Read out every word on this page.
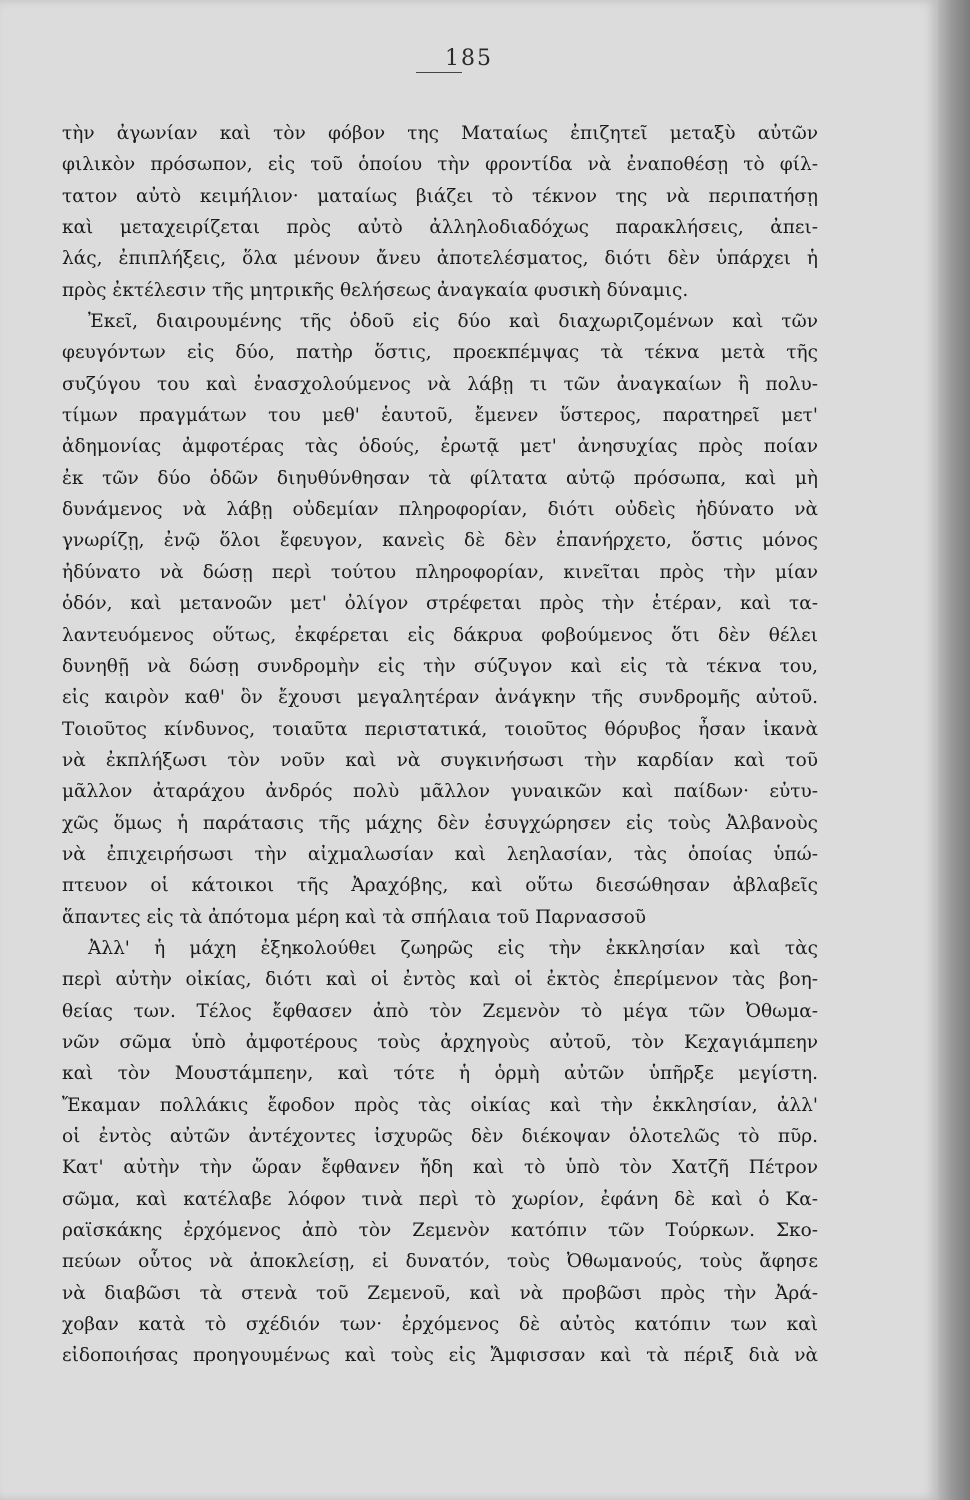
185
τὴν ἀγωνίαν καὶ τὸν φόβον της Ματαίως ἐπιζητεῖ μεταξὺ αὐτῶν
φιλικὸν πρόσωπον, εἰς τοῦ ὁποίου τὴν φροντίδα νὰ ἐναποθέσῃ τὸ φίλ-
τατον αὐτὸ κειμήλιον· ματαίως βιάζει τὸ τέκνον της νὰ περιπατήσῃ
καὶ μεταχειρίζεται πρὸς αὐτὸ ἀλληλοδιαδόχως παρακλήσεις, ἀπει-
λάς, ἐπιπλήξεις, ὅλα μένουν ἄνευ ἀποτελέσματος, διότι δὲν ὑπάρχει ἡ
πρὸς ἐκτέλεσιν τῆς μητρικῆς θελήσεως ἀναγκαία φυσικὴ δύναμις.
Ἐκεῖ, διαιρουμένης τῆς ὁδοῦ εἰς δύο καὶ διαχωριζομένων καὶ τῶν
φευγόντων εἰς δύο, πατὴρ ὅστις, προεκπέμψας τὰ τέκνα μετὰ τῆς
συζύγου του καὶ ἐνασχολούμενος νὰ λάβῃ τι τῶν ἀναγκαίων ἢ πολυ-
τίμων πραγμάτων του μεθ' ἑαυτοῦ, ἔμενεν ὕστερος, παρατηρεῖ μετ'
ἀδημονίας ἀμφοτέρας τὰς ὁδούς, ἐρωτᾷ μετ' ἀνησυχίας πρὸς ποίαν
ἐκ τῶν δύο ὁδῶν διηυθύνθησαν τὰ φίλτατα αὐτῷ πρόσωπα, καὶ μὴ
δυνάμενος νὰ λάβῃ οὐδεμίαν πληροφορίαν, διότι οὐδεὶς ἠδύνατο νὰ
γνωρίζῃ, ἐνῷ ὅλοι ἔφευγον, κανεὶς δὲ δὲν ἐπανήρχετο, ὅστις μόνος
ἠδύνατο νὰ δώσῃ περὶ τούτου πληροφορίαν, κινεῖται πρὸς τὴν μίαν
ὁδόν, καὶ μετανοῶν μετ' ὀλίγον στρέφεται πρὸς τὴν ἑτέραν, καὶ τα-
λαντευόμενος οὕτως, ἐκφέρεται εἰς δάκρυα φοβούμενος ὅτι δὲν θέλει
δυνηθῇ νὰ δώσῃ συνδρομὴν εἰς τὴν σύζυγον καὶ εἰς τὰ τέκνα του,
εἰς καιρὸν καθ' ὃν ἔχουσι μεγαλητέραν ἀνάγκην τῆς συνδρομῆς αὐτοῦ.
Τοιοῦτος κίνδυνος, τοιαῦτα περιστατικά, τοιοῦτος θόρυβος ἦσαν ἱκανὰ
νὰ ἐκπλήξωσι τὸν νοῦν καὶ νὰ συγκινήσωσι τὴν καρδίαν καὶ τοῦ
μᾶλλον ἀταράχου ἀνδρός πολὺ μᾶλλον γυναικῶν καὶ παίδων· εὐτυ-
χῶς ὅμως ἡ παράτασις τῆς μάχης δὲν ἐσυγχώρησεν εἰς τοὺς Ἀλβανοὺς
νὰ ἐπιχειρήσωσι τὴν αἰχμαλωσίαν καὶ λεηλασίαν, τὰς ὁποίας ὑπώ-
πτευον οἱ κάτοικοι τῆς Ἀραχόβης, καὶ οὕτω διεσώθησαν ἀβλαβεῖς
ἅπαντες εἰς τὰ ἀπότομα μέρη καὶ τὰ σπήλαια τοῦ Παρνασσοῦ
Ἀλλ' ἡ μάχη ἐξηκολούθει ζωηρῶς εἰς τὴν ἐκκλησίαν καὶ τὰς
περὶ αὐτὴν οἰκίας, διότι καὶ οἱ ἐντὸς καὶ οἱ ἐκτὸς ἐπερίμενον τὰς βοη-
θείας των. Τέλος ἔφθασεν ἀπὸ τὸν Ζεμενὸν τὸ μέγα τῶν Ὀθωμα-
νῶν σῶμα ὑπὸ ἀμφοτέρους τοὺς ἀρχηγοὺς αὐτοῦ, τὸν Κεχαγιάμπεην
καὶ τὸν Μουστάμπεην, καὶ τότε ἡ ὁρμὴ αὐτῶν ὑπῆρξε μεγίστη.
Ἔκαμαν πολλάκις ἔφοδον πρὸς τὰς οἰκίας καὶ τὴν ἐκκλησίαν, ἀλλ'
οἱ ἐντὸς αὐτῶν ἀντέχοντες ἰσχυρῶς δὲν διέκοψαν ὁλοτελῶς τὸ πῦρ.
Κατ' αὐτὴν τὴν ὥραν ἔφθανεν ἤδη καὶ τὸ ὑπὸ τὸν Χατζῆ Πέτρον
σῶμα, καὶ κατέλαβε λόφον τινὰ περὶ τὸ χωρίον, ἐφάνη δὲ καὶ ὁ Κα-
ραϊσκάκης ἐρχόμενος ἀπὸ τὸν Ζεμενὸν κατόπιν τῶν Τούρκων. Σκο-
πεύων οὗτος νὰ ἀποκλείσῃ, εἰ δυνατόν, τοὺς Ὀθωμανούς, τοὺς ἄφησε
νὰ διαβῶσι τὰ στενὰ τοῦ Ζεμενοῦ, καὶ νὰ προβῶσι πρὸς τὴν Ἀρά-
χοβαν κατὰ τὸ σχέδιόν των· ἐρχόμενος δὲ αὐτὸς κατόπιν των καὶ
εἰδοποιήσας προηγουμένως καὶ τοὺς εἰς Ἄμφισσαν καὶ τὰ πέριξ διὰ νὰ
